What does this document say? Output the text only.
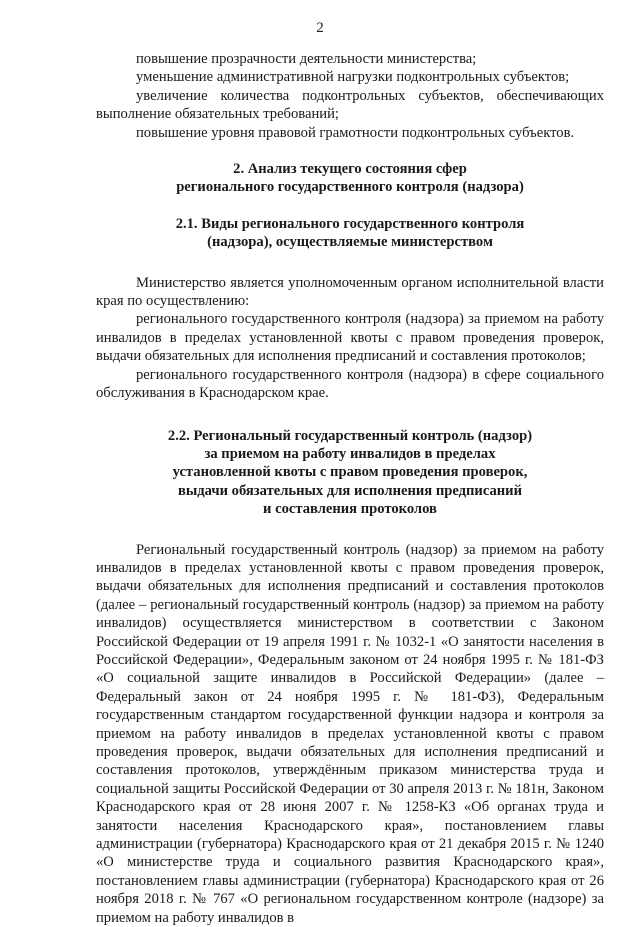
2

повышение прозрачности деятельности министерства;

уменьшение административной нагрузки подконтрольных субъектов;

увеличение количества подконтрольных субъектов, обеспечивающих выполнение обязательных требований;

повышение уровня правовой грамотности подконтрольных субъектов.

2. Анализ текущего состояния сфер
регионального государственного контроля (надзора)
2.1. Виды регионального государственного контроля
(надзора), осуществляемые министерством

Министерство является уполномоченным органом исполнительной власти края по осуществлению:

регионального государственного контроля (надзора) за приемом на работу инвалидов в пределах установленной квоты с правом проведения проверок, выдачи обязательных для исполнения предписаний и составления протоколов;

регионального государственного контроля (надзора) в сфере социального обслуживания в Краснодарском крае.

2.2. Региональный государственный контроль (надзор)
за приемом на работу инвалидов в пределах
установленной квоты с правом проведения проверок,
выдачи обязательных для исполнения предписаний
и составления протоколов

Региональный государственный контроль (надзор) за приемом на работу инвалидов в пределах установленной квоты с правом проведения проверок, выдачи обязательных для исполнения предписаний и составления протоколов (далее – региональный государственный контроль (надзор) за приемом на работу инвалидов) осуществляется министерством в соответствии с Законом Российской Федерации от 19 апреля 1991 г. № 1032-1 «О занятости населения в Российской Федерации», Федеральным законом от 24 ноября 1995 г. № 181-ФЗ «О социальной защите инвалидов в Российской Федерации» (далее – Федеральный закон от 24 ноября 1995 г. № 181-ФЗ), Федеральным государственным стандартом государственной функции надзора и контроля за приемом на работу инвалидов в пределах установленной квоты с правом проведения проверок, выдачи обязательных для исполнения предписаний и составления протоколов, утверждённым приказом министерства труда и социальной защиты Российской Федерации от 30 апреля 2013 г. № 181н, Законом Краснодарского края от 28 июня 2007 г. № 1258-КЗ «Об органах труда и занятости населения Краснодарского края», постановлением главы администрации (губернатора) Краснодарского края от 21 декабря 2015 г. № 1240 «О министерстве труда и социального развития Краснодарского края», постановлением главы администрации (губернатора) Краснодарского края от 26 ноября 2018 г. № 767 «О региональном государственном контроле (надзоре) за приемом на работу инвалидов в
